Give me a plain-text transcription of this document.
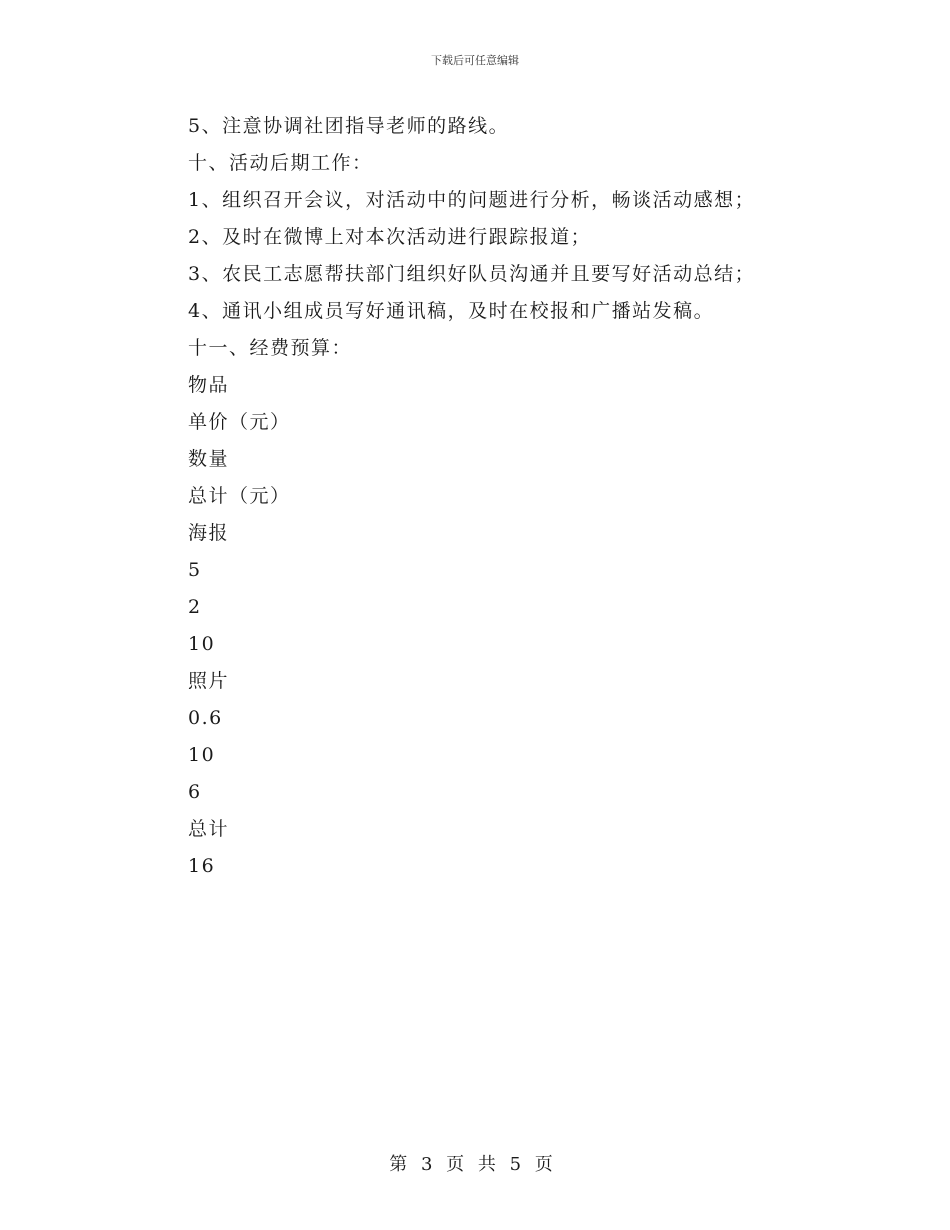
下载后可任意编辑
5、注意协调社团指导老师的路线。
十、活动后期工作：
1、组织召开会议，对活动中的问题进行分析，畅谈活动感想；
2、及时在微博上对本次活动进行跟踪报道；
3、农民工志愿帮扶部门组织好队员沟通并且要写好活动总结；
4、通讯小组成员写好通讯稿，及时在校报和广播站发稿。
十一、经费预算：
物品
单价（元）
数量
总计（元）
海报
5
2
10
照片
0.6
10
6
总计
16
第 3 页 共 5 页
